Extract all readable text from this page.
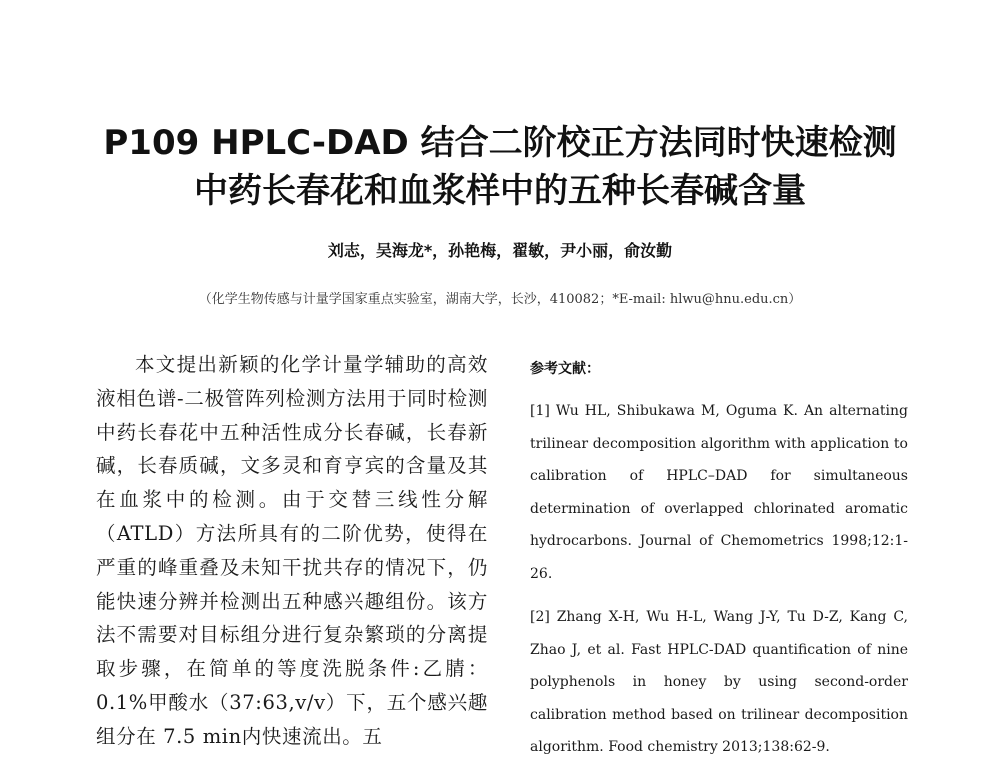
P109 HPLC-DAD 结合二阶校正方法同时快速检测
中药长春花和血浆样中的五种长春碱含量
刘志，吴海龙*，孙艳梅，翟敏，尹小丽，俞汝勤
（化学生物传感与计量学国家重点实验室，湖南大学，长沙，410082；*E-mail: hlwu@hnu.edu.cn）

本文提出新颖的化学计量学辅助的高效液相色谱-二极管阵列检测方法用于同时检测中药长春花中五种活性成分长春碱，长春新碱，长春质碱，文多灵和育亨宾的含量及其在血浆中的检测。由于交替三线性分解（ATLD）方法所具有的二阶优势，使得在严重的峰重叠及未知干扰共存的情况下，仍能快速分辨并检测出五种感兴趣组份。该方法不需要对目标组分进行复杂繁琐的分离提取步骤，在简单的等度洗脱条件:乙腈：0.1%甲酸水（37:63,v/v）下，五个感兴趣组分在 7.5 min内快速流出。五

参考文献：
[1] Wu HL, Shibukawa M, Oguma K. An alternating trilinear decomposition algorithm with application to calibration of HPLC–DAD for simultaneous determination of overlapped chlorinated aromatic hydrocarbons. Journal of Chemometrics 1998;12:1-26.
[2] Zhang X-H, Wu H-L, Wang J-Y, Tu D-Z, Kang C, Zhao J, et al. Fast HPLC-DAD quantification of nine polyphenols in honey by using second-order calibration method based on trilinear decomposition algorithm. Food chemistry 2013;138:62-9.
